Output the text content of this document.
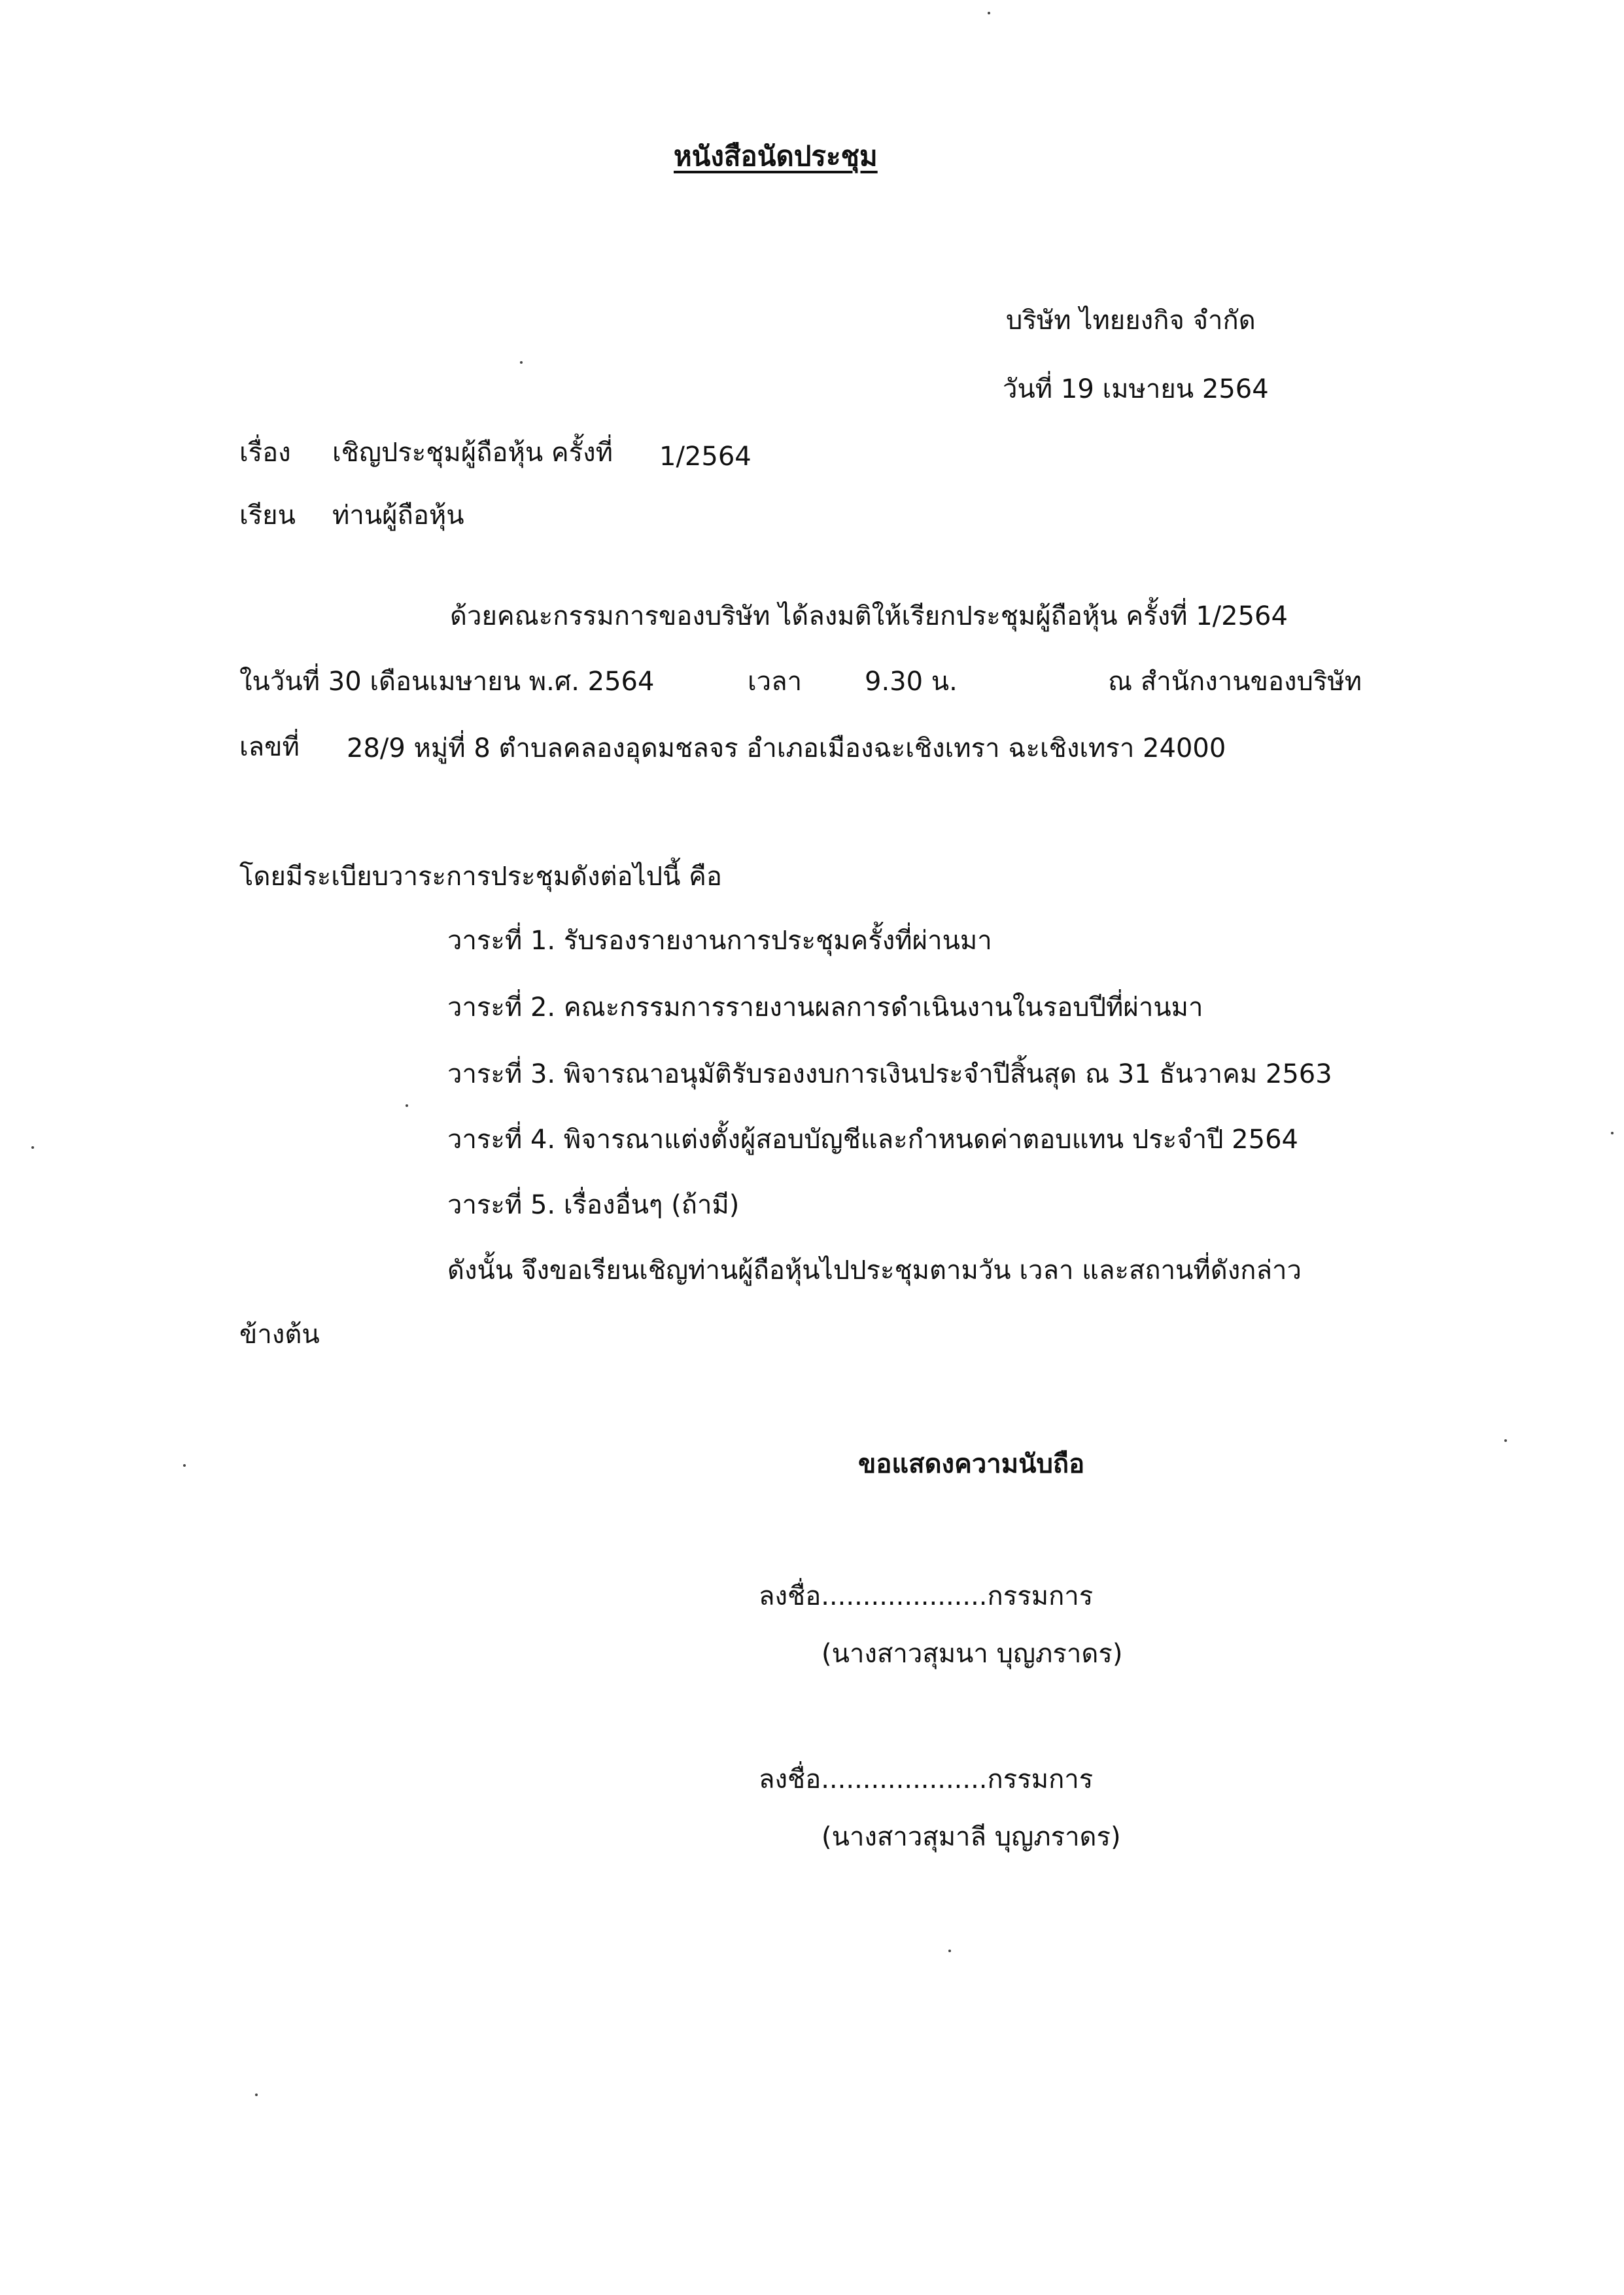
หนังสือนัดประชุม
บริษัท ไทยยงกิจ จำกัด
วันที่ 19 เมษายน 2564
เรื่อง เชิญประชุมผู้ถือหุ้น ครั้งที่ 1/2564
เรียน ท่านผู้ถือหุ้น
ด้วยคณะกรรมการของบริษัท ได้ลงมติให้เรียกประชุมผู้ถือหุ้น ครั้งที่ 1/2564
ในวันที่ 30 เดือนเมษายน พ.ศ. 2564	เวลา 9.30 น.	ณ สำนักงานของบริษัท
เลขที่ 28/9 หมู่ที่ 8 ตำบลคลองอุดมชลจร อำเภอเมืองฉะเชิงเทรา ฉะเชิงเทรา 24000
โดยมีระเบียบวาระการประชุมดังต่อไปนี้ คือ
วาระที่ 1. รับรองรายงานการประชุมครั้งที่ผ่านมา
วาระที่ 2. คณะกรรมการรายงานผลการดำเนินงานในรอบปีที่ผ่านมา
วาระที่ 3. พิจารณาอนุมัติรับรองงบการเงินประจำปีสิ้นสุด ณ 31 ธันวาคม 2563
วาระที่ 4. พิจารณาแต่งตั้งผู้สอบบัญชีและกำหนดค่าตอบแทน ประจำปี 2564
วาระที่ 5. เรื่องอื่นๆ (ถ้ามี)
ดังนั้น จึงขอเรียนเชิญท่านผู้ถือหุ้นไปประชุมตามวัน เวลา และสถานที่ดังกล่าว
ข้างต้น
ขอแสดงความนับถือ
ลงชื่อ....................กรรมการ
(นางสาวสุมนา บุญภราดร)
ลงชื่อ....................กรรมการ
(นางสาวสุมาลี บุญภราดร)
